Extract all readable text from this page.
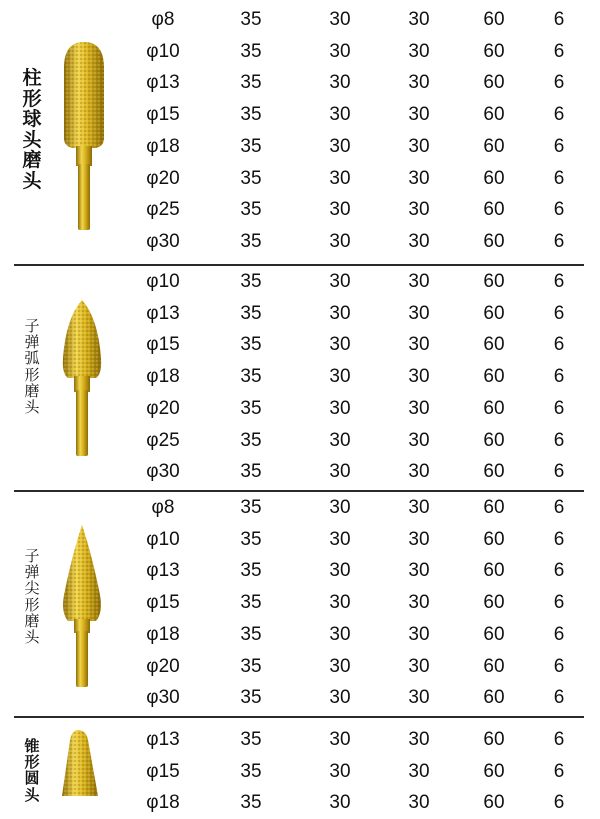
柱形球头磨头
φ8	35	30	30	60	6
φ10	35	30	30	60	6
φ13	35	30	30	60	6
φ15	35	30	30	60	6
φ18	35	30	30	60	6
φ20	35	30	30	60	6
φ25	35	30	30	60	6
φ30	35	30	30	60	6
子弹弧形磨头
φ10	35	30	30	60	6
φ13	35	30	30	60	6
φ15	35	30	30	60	6
φ18	35	30	30	60	6
φ20	35	30	30	60	6
φ25	35	30	30	60	6
φ30	35	30	30	60	6
子弹尖形磨头
φ8	35	30	30	60	6
φ10	35	30	30	60	6
φ13	35	30	30	60	6
φ15	35	30	30	60	6
φ18	35	30	30	60	6
φ20	35	30	30	60	6
φ30	35	30	30	60	6
锥形圆头
φ13	35	30	30	60	6
φ15	35	30	30	60	6
φ18	35	30	30	60	6
